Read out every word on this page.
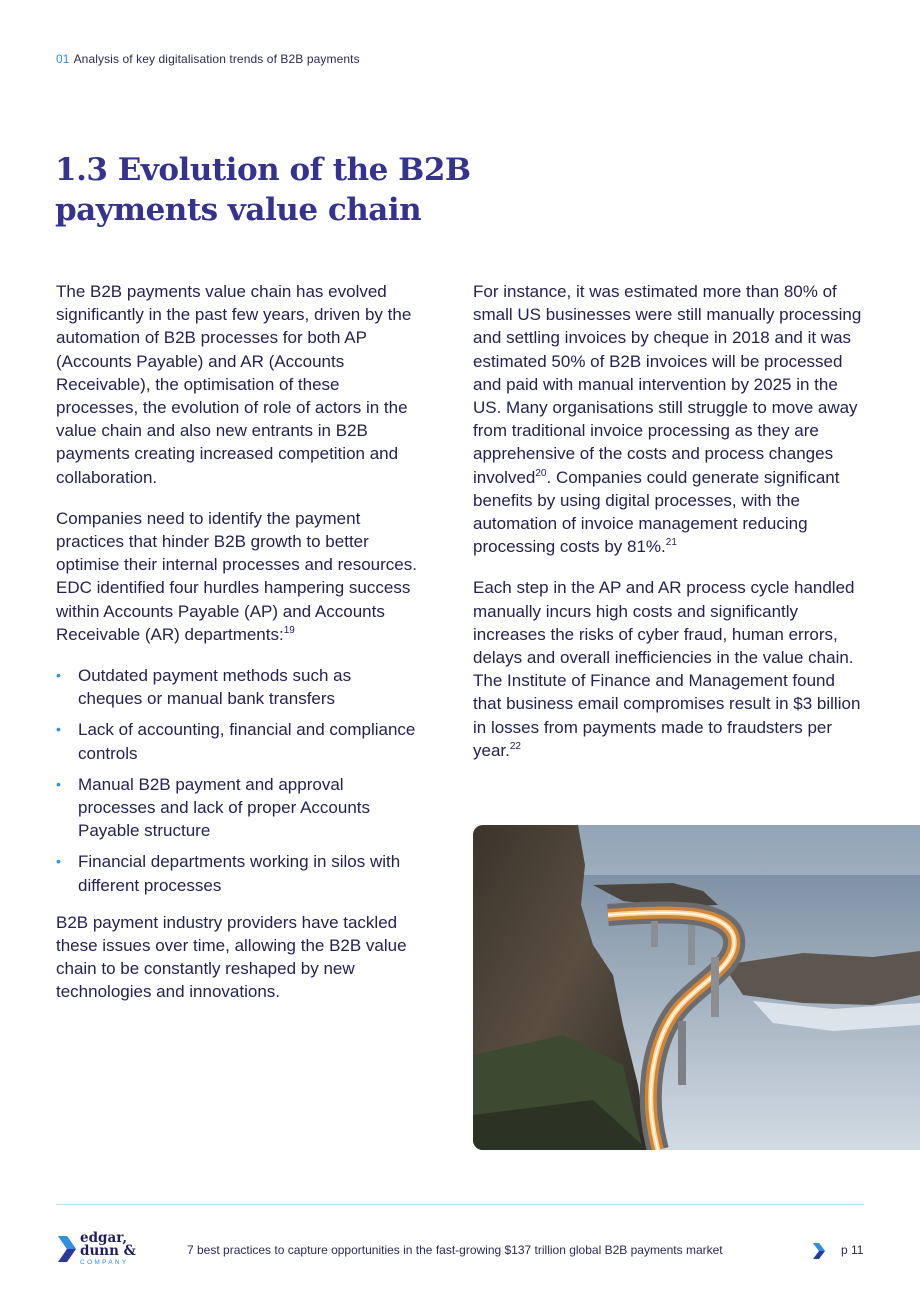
01 Analysis of key digitalisation trends of B2B payments
1.3 Evolution of the B2B payments value chain

The B2B payments value chain has evolved significantly in the past few years, driven by the automation of B2B processes for both AP (Accounts Payable) and AR (Accounts Receivable), the optimisation of these processes, the evolution of role of actors in the value chain and also new entrants in B2B payments creating increased competition and collaboration.

Companies need to identify the payment practices that hinder B2B growth to better optimise their internal processes and resources. EDC identified four hurdles hampering success within Accounts Payable (AP) and Accounts Receivable (AR) departments:$^{19}$

• Outdated payment methods such as cheques or manual bank transfers
• Lack of accounting, financial and compliance controls
• Manual B2B payment and approval processes and lack of proper Accounts Payable structure
• Financial departments working in silos with different processes

B2B payment industry providers have tackled these issues over time, allowing the B2B value chain to be constantly reshaped by new technologies and innovations.

For instance, it was estimated more than 80% of small US businesses were still manually processing and settling invoices by cheque in 2018 and it was estimated 50% of B2B invoices will be processed and paid with manual intervention by 2025 in the US. Many organisations still struggle to move away from traditional invoice processing as they are apprehensive of the costs and process changes involved$^{20}$. Companies could generate significant benefits by using digital processes, with the automation of invoice management reducing processing costs by 81%.$^{21}$

Each step in the AP and AR process cycle handled manually incurs high costs and significantly increases the risks of cyber fraud, human errors, delays and overall inefficiencies in the value chain. The Institute of Finance and Management found that business email compromises result in $3 billion in losses from payments made to fraudsters per year.$^{22}$

edgar,
dunn &
COMPANY
7 best practices to capture opportunities in the fast-growing $137 trillion global B2B payments market	p 11
